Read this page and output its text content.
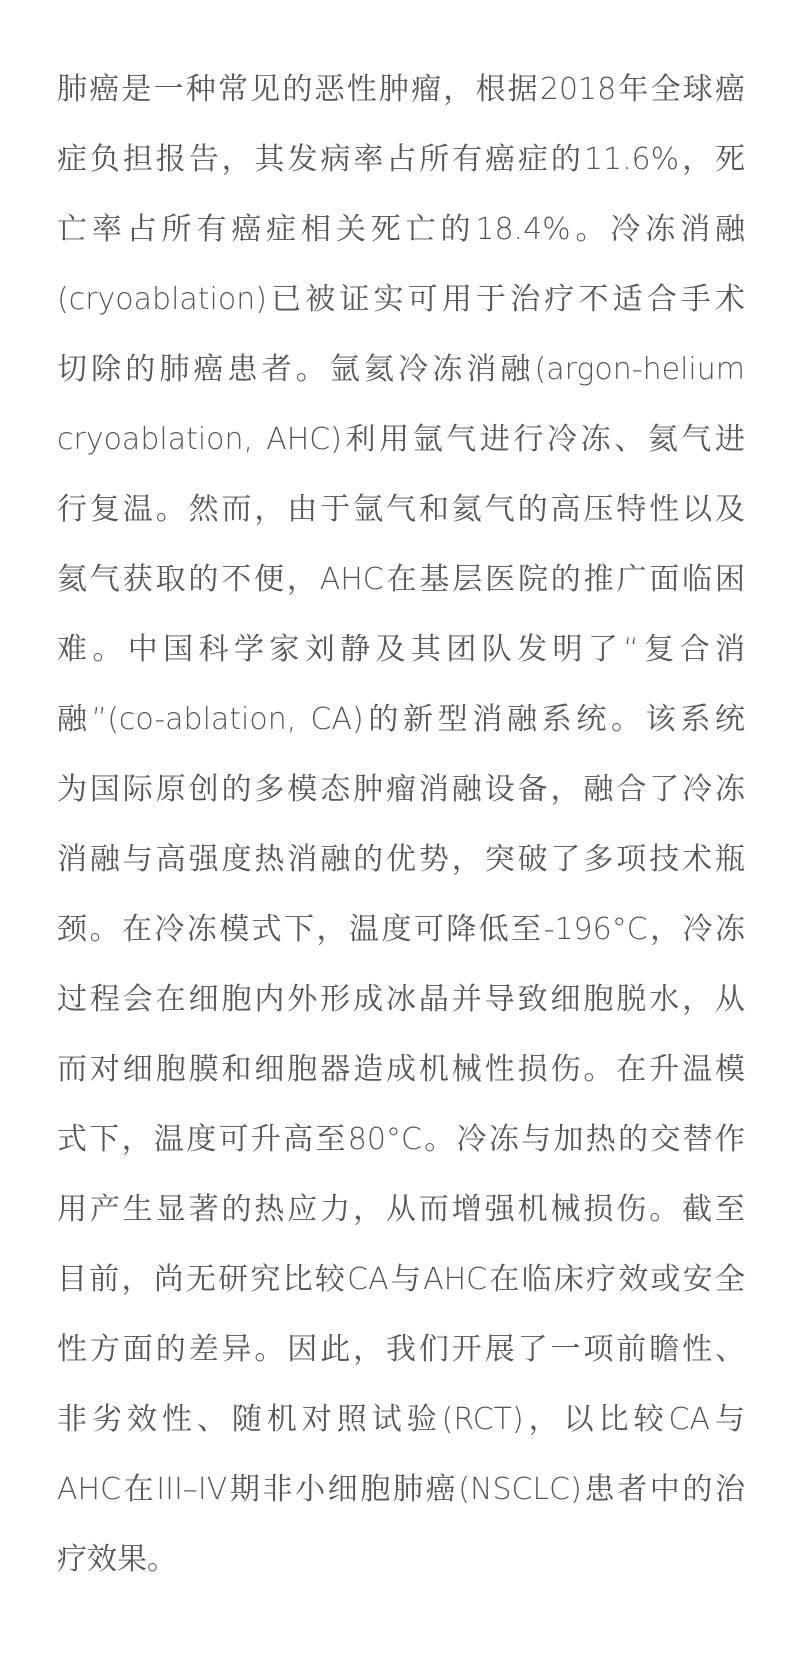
肺癌是一种常见的恶性肿瘤，根据2018年全球癌
症负担报告，其发病率占所有癌症的11.6%，死
亡率占所有癌症相关死亡的18.4%。冷冻消融
(cryoablation)已被证实可用于治疗不适合手术
切除的肺癌患者。氩氦冷冻消融(argon-helium
cryoablation, AHC)利用氩气进行冷冻、氦气进
行复温。然而，由于氩气和氦气的高压特性以及
氦气获取的不便，AHC在基层医院的推广面临困
难。中国科学家刘静及其团队发明了“复合消
融”(co-ablation, CA)的新型消融系统。该系统
为国际原创的多模态肿瘤消融设备，融合了冷冻
消融与高强度热消融的优势，突破了多项技术瓶
颈。在冷冻模式下，温度可降低至-196°C，冷冻
过程会在细胞内外形成冰晶并导致细胞脱水，从
而对细胞膜和细胞器造成机械性损伤。在升温模
式下，温度可升高至80°C。冷冻与加热的交替作
用产生显著的热应力，从而增强机械损伤。截至
目前，尚无研究比较CA与AHC在临床疗效或安全
性方面的差异。因此，我们开展了一项前瞻性、
非劣效性、随机对照试验(RCT)，以比较CA与
AHC在III–IV期非小细胞肺癌(NSCLC)患者中的治
疗效果。
